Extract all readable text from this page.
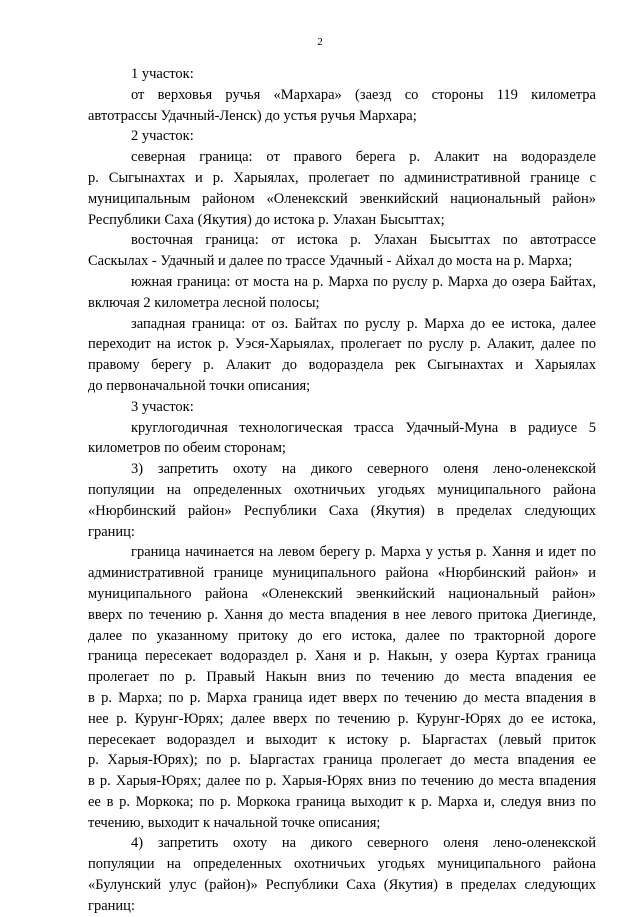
2

1 участок:

от верховья ручья «Мархара» (заезд со стороны 119 километра
автотрассы Удачный-Ленск) до устья ручья Мархара;

2 участок:

северная граница: от правого берега р. Алакит на водоразделе
р. Сыгынахтах и р. Харыялах, пролегает по административной границе с
муниципальным районом «Оленекский эвенкийский национальный район»
Республики Саха (Якутия) до истока р. Улахан Бысыттах;

восточная граница: от истока р. Улахан Бысыттах по автотрассе
Саскылах - Удачный и далее по трассе Удачный - Айхал до моста на р. Марха;

южная граница: от моста на р. Марха по руслу р. Марха до озера Байтах,
включая 2 километра лесной полосы;

западная граница: от оз. Байтах по руслу р. Марха до ее истока, далее
переходит на исток р. Уэся-Харыялах, пролегает по руслу р. Алакит, далее по
правому берегу р. Алакит до водораздела рек Сыгынахтах и Харыялах
до первоначальной точки описания;

3 участок:

круглогодичная технологическая трасса Удачный-Муна в радиусе 5
километров по обеим сторонам;

3) запретить охоту на дикого северного оленя лено-оленекской
популяции на определенных охотничьих угодьях муниципального района
«Нюрбинский район» Республики Саха (Якутия) в пределах следующих
границ:

граница начинается на левом берегу р. Марха у устья р. Хання и идет по
административной границе муниципального района «Нюрбинский район» и
муниципального района «Оленекский эвенкийский национальный район»
вверх по течению р. Хання до места впадения в нее левого притока Диегинде,
далее по указанному притоку до его истока, далее по тракторной дороге
граница пересекает водораздел р. Ханя и р. Накын, у озера Куртах граница
пролегает по р. Правый Накын вниз по течению до места впадения ее
в р. Марха; по р. Марха граница идет вверх по течению до места впадения в
нее р. Курунг-Юрях; далее вверх по течению р. Курунг-Юрях до ее истока,
пересекает водораздел и выходит к истоку р. Ыаргастах (левый приток
р. Харыя-Юрях); по р. Ыаргастах граница пролегает до места впадения ее
в р. Харыя-Юрях; далее по р. Харыя-Юрях вниз по течению до места впадения
ее в р. Моркока; по р. Моркока граница выходит к р. Марха и, следуя вниз по
течению, выходит к начальной точке описания;

4) запретить охоту на дикого северного оленя лено-оленекской
популяции на определенных охотничьих угодьях муниципального района
«Булунский улус (район)» Республики Саха (Якутия) в пределах следующих
границ:
